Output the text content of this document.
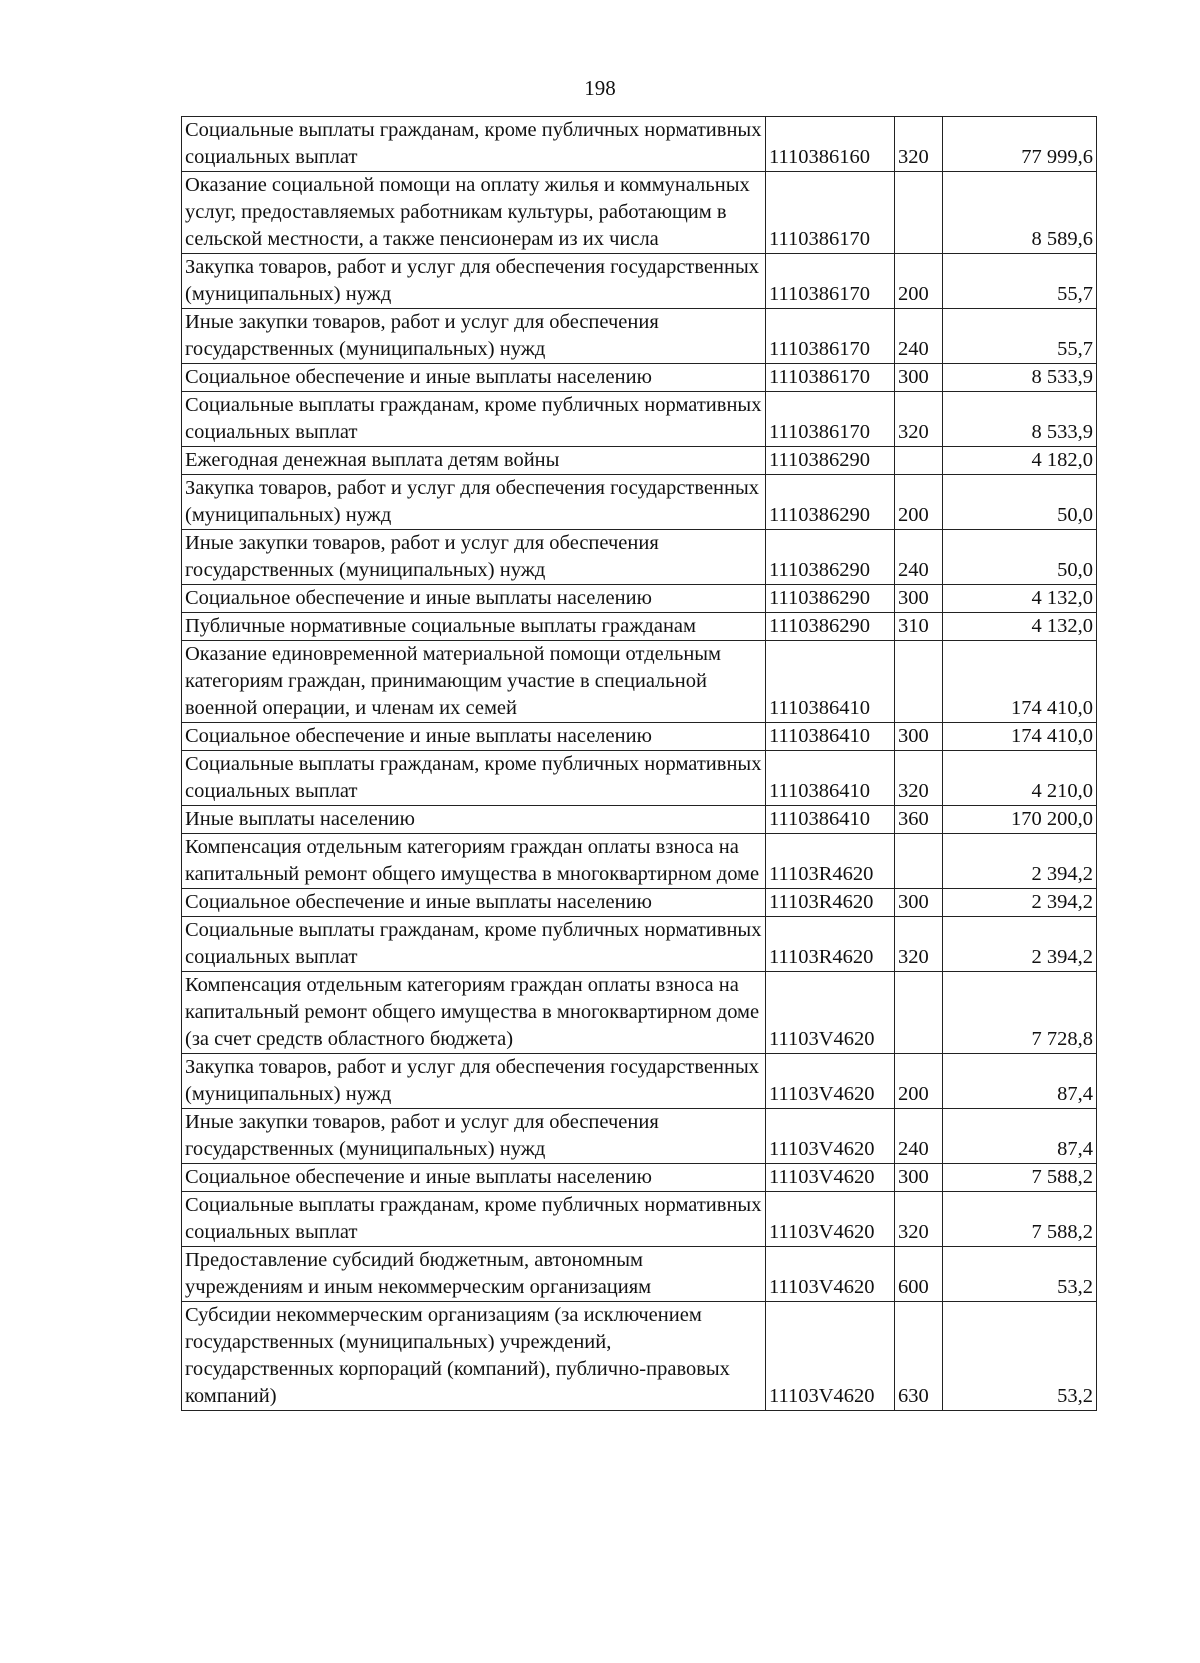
198
Социальные выплаты гражданам, кроме публичных нормативных социальных выплат	1110386160	320	77 999,6
Оказание социальной помощи на оплату жилья и коммунальных услуг, предоставляемых работникам культуры, работающим в сельской местности, а также пенсионерам из их числа	1110386170		8 589,6
Закупка товаров, работ и услуг для обеспечения государственных (муниципальных) нужд	1110386170	200	55,7
Иные закупки товаров, работ и услуг для обеспечения государственных (муниципальных) нужд	1110386170	240	55,7
Социальное обеспечение и иные выплаты населению	1110386170	300	8 533,9
Социальные выплаты гражданам, кроме публичных нормативных социальных выплат	1110386170	320	8 533,9
Ежегодная денежная выплата детям войны	1110386290		4 182,0
Закупка товаров, работ и услуг для обеспечения государственных (муниципальных) нужд	1110386290	200	50,0
Иные закупки товаров, работ и услуг для обеспечения государственных (муниципальных) нужд	1110386290	240	50,0
Социальное обеспечение и иные выплаты населению	1110386290	300	4 132,0
Публичные нормативные социальные выплаты гражданам	1110386290	310	4 132,0
Оказание единовременной материальной помощи отдельным категориям граждан, принимающим участие в специальной военной операции, и членам их семей	1110386410		174 410,0
Социальное обеспечение и иные выплаты населению	1110386410	300	174 410,0
Социальные выплаты гражданам, кроме публичных нормативных социальных выплат	1110386410	320	4 210,0
Иные выплаты населению	1110386410	360	170 200,0
Компенсация отдельным категориям граждан оплаты взноса на капитальный ремонт общего имущества в многоквартирном доме	11103R4620		2 394,2
Социальное обеспечение и иные выплаты населению	11103R4620	300	2 394,2
Социальные выплаты гражданам, кроме публичных нормативных социальных выплат	11103R4620	320	2 394,2
Компенсация отдельным категориям граждан оплаты взноса на капитальный ремонт общего имущества в многоквартирном доме (за счет средств областного бюджета)	11103V4620		7 728,8
Закупка товаров, работ и услуг для обеспечения государственных (муниципальных) нужд	11103V4620	200	87,4
Иные закупки товаров, работ и услуг для обеспечения государственных (муниципальных) нужд	11103V4620	240	87,4
Социальное обеспечение и иные выплаты населению	11103V4620	300	7 588,2
Социальные выплаты гражданам, кроме публичных нормативных социальных выплат	11103V4620	320	7 588,2
Предоставление субсидий бюджетным, автономным учреждениям и иным некоммерческим организациям	11103V4620	600	53,2
Субсидии некоммерческим организациям (за исключением государственных (муниципальных) учреждений, государственных корпораций (компаний), публично-правовых компаний)	11103V4620	630	53,2
